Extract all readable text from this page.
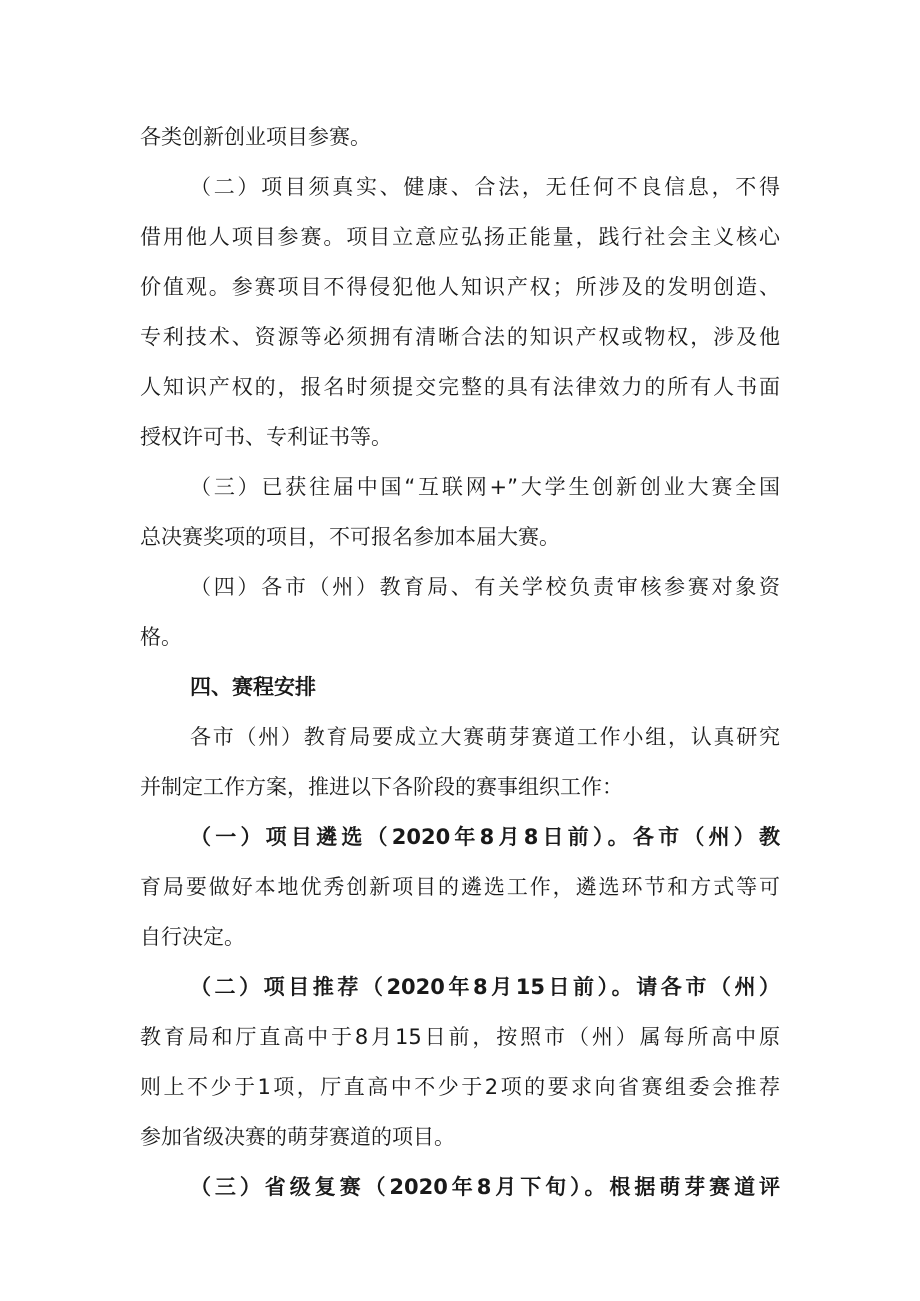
各类创新创业项目参赛。
（二）项目须真实、健康、合法，无任何不良信息，不得
借用他人项目参赛。项目立意应弘扬正能量，践行社会主义核心
价值观。参赛项目不得侵犯他人知识产权；所涉及的发明创造、
专利技术、资源等必须拥有清晰合法的知识产权或物权，涉及他
人知识产权的，报名时须提交完整的具有法律效力的所有人书面
授权许可书、专利证书等。
（三）已获往届中国“互联网+”大学生创新创业大赛全国
总决赛奖项的项目，不可报名参加本届大赛。
（四）各市（州）教育局、有关学校负责审核参赛对象资
格。
四、赛程安排
各市（州）教育局要成立大赛萌芽赛道工作小组，认真研究
并制定工作方案，推进以下各阶段的赛事组织工作：
（一）项目遴选（2020年8月8日前）。各市（州）教
育局要做好本地优秀创新项目的遴选工作，遴选环节和方式等可
自行决定。
（二）项目推荐（2020年8月15日前）。请各市（州）
教育局和厅直高中于8月15日前，按照市（州）属每所高中原
则上不少于1项，厅直高中不少于2项的要求向省赛组委会推荐
参加省级决赛的萌芽赛道的项目。
（三）省级复赛（2020年8月下旬）。根据萌芽赛道评
